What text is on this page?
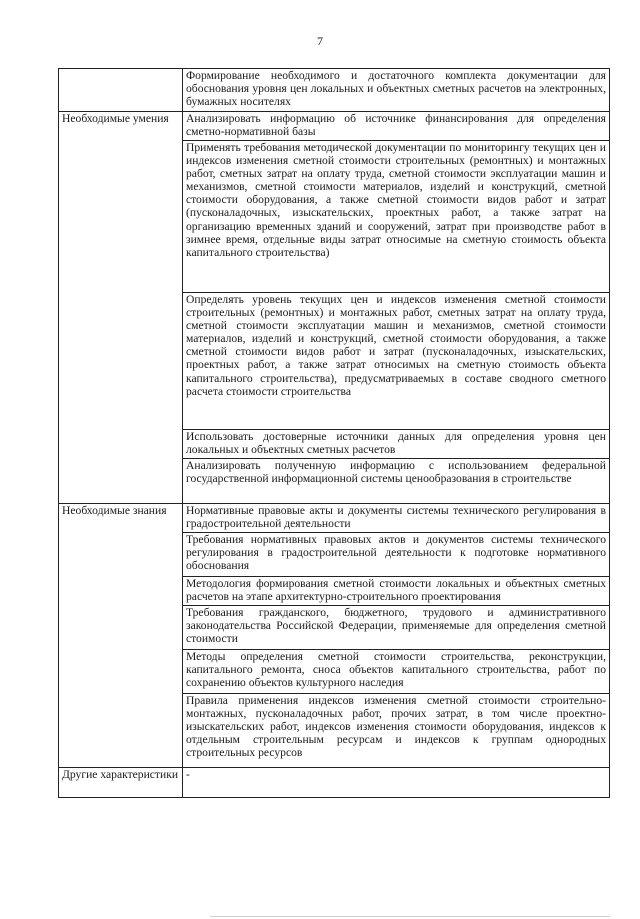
7
	Формирование необходимого и достаточного комплекта документации для обоснования уровня цен локальных и объектных сметных расчетов на электронных, бумажных носителях
Необходимые умения	Анализировать информацию об источнике финансирования для определения сметно-нормативной базы
	Применять требования методической документации по мониторингу текущих цен и индексов изменения сметной стоимости строительных (ремонтных) и монтажных работ, сметных затрат на оплату труда, сметной стоимости эксплуатации машин и механизмов, сметной стоимости материалов, изделий и конструкций, сметной стоимости оборудования, а также сметной стоимости видов работ и затрат (пусконаладочных, изыскательских, проектных работ, а также затрат на организацию временных зданий и сооружений, затрат при производстве работ в зимнее время, отдельные виды затрат относимые на сметную стоимость объекта капитального строительства)
	Определять уровень текущих цен и индексов изменения сметной стоимости строительных (ремонтных) и монтажных работ, сметных затрат на оплату труда, сметной стоимости эксплуатации машин и механизмов, сметной стоимости материалов, изделий и конструкций, сметной стоимости оборудования, а также сметной стоимости видов работ и затрат (пусконаладочных, изыскательских, проектных работ, а также затрат относимых на сметную стоимость объекта капитального строительства), предусматриваемых в составе сводного сметного расчета стоимости строительства
	Использовать достоверные источники данных для определения уровня цен локальных и объектных сметных расчетов
	Анализировать полученную информацию с использованием федеральной государственной информационной системы ценообразования в строительстве
Необходимые знания	Нормативные правовые акты и документы системы технического регулирования в градостроительной деятельности
	Требования нормативных правовых актов и документов системы технического регулирования в градостроительной деятельности к подготовке нормативного обоснования
	Методология формирования сметной стоимости локальных и объектных сметных расчетов на этапе архитектурно-строительного проектирования
	Требования гражданского, бюджетного, трудового и административного законодательства Российской Федерации, применяемые для определения сметной стоимости
	Методы определения сметной стоимости строительства, реконструкции, капитального ремонта, сноса объектов капитального строительства, работ по сохранению объектов культурного наследия
	Правила применения индексов изменения сметной стоимости строительно-монтажных, пусконаладочных работ, прочих затрат, в том числе проектно-изыскательских работ, индексов изменения стоимости оборудования, индексов к отдельным строительным ресурсам и индексов к группам однородных строительных ресурсов
Другие характеристики	-
